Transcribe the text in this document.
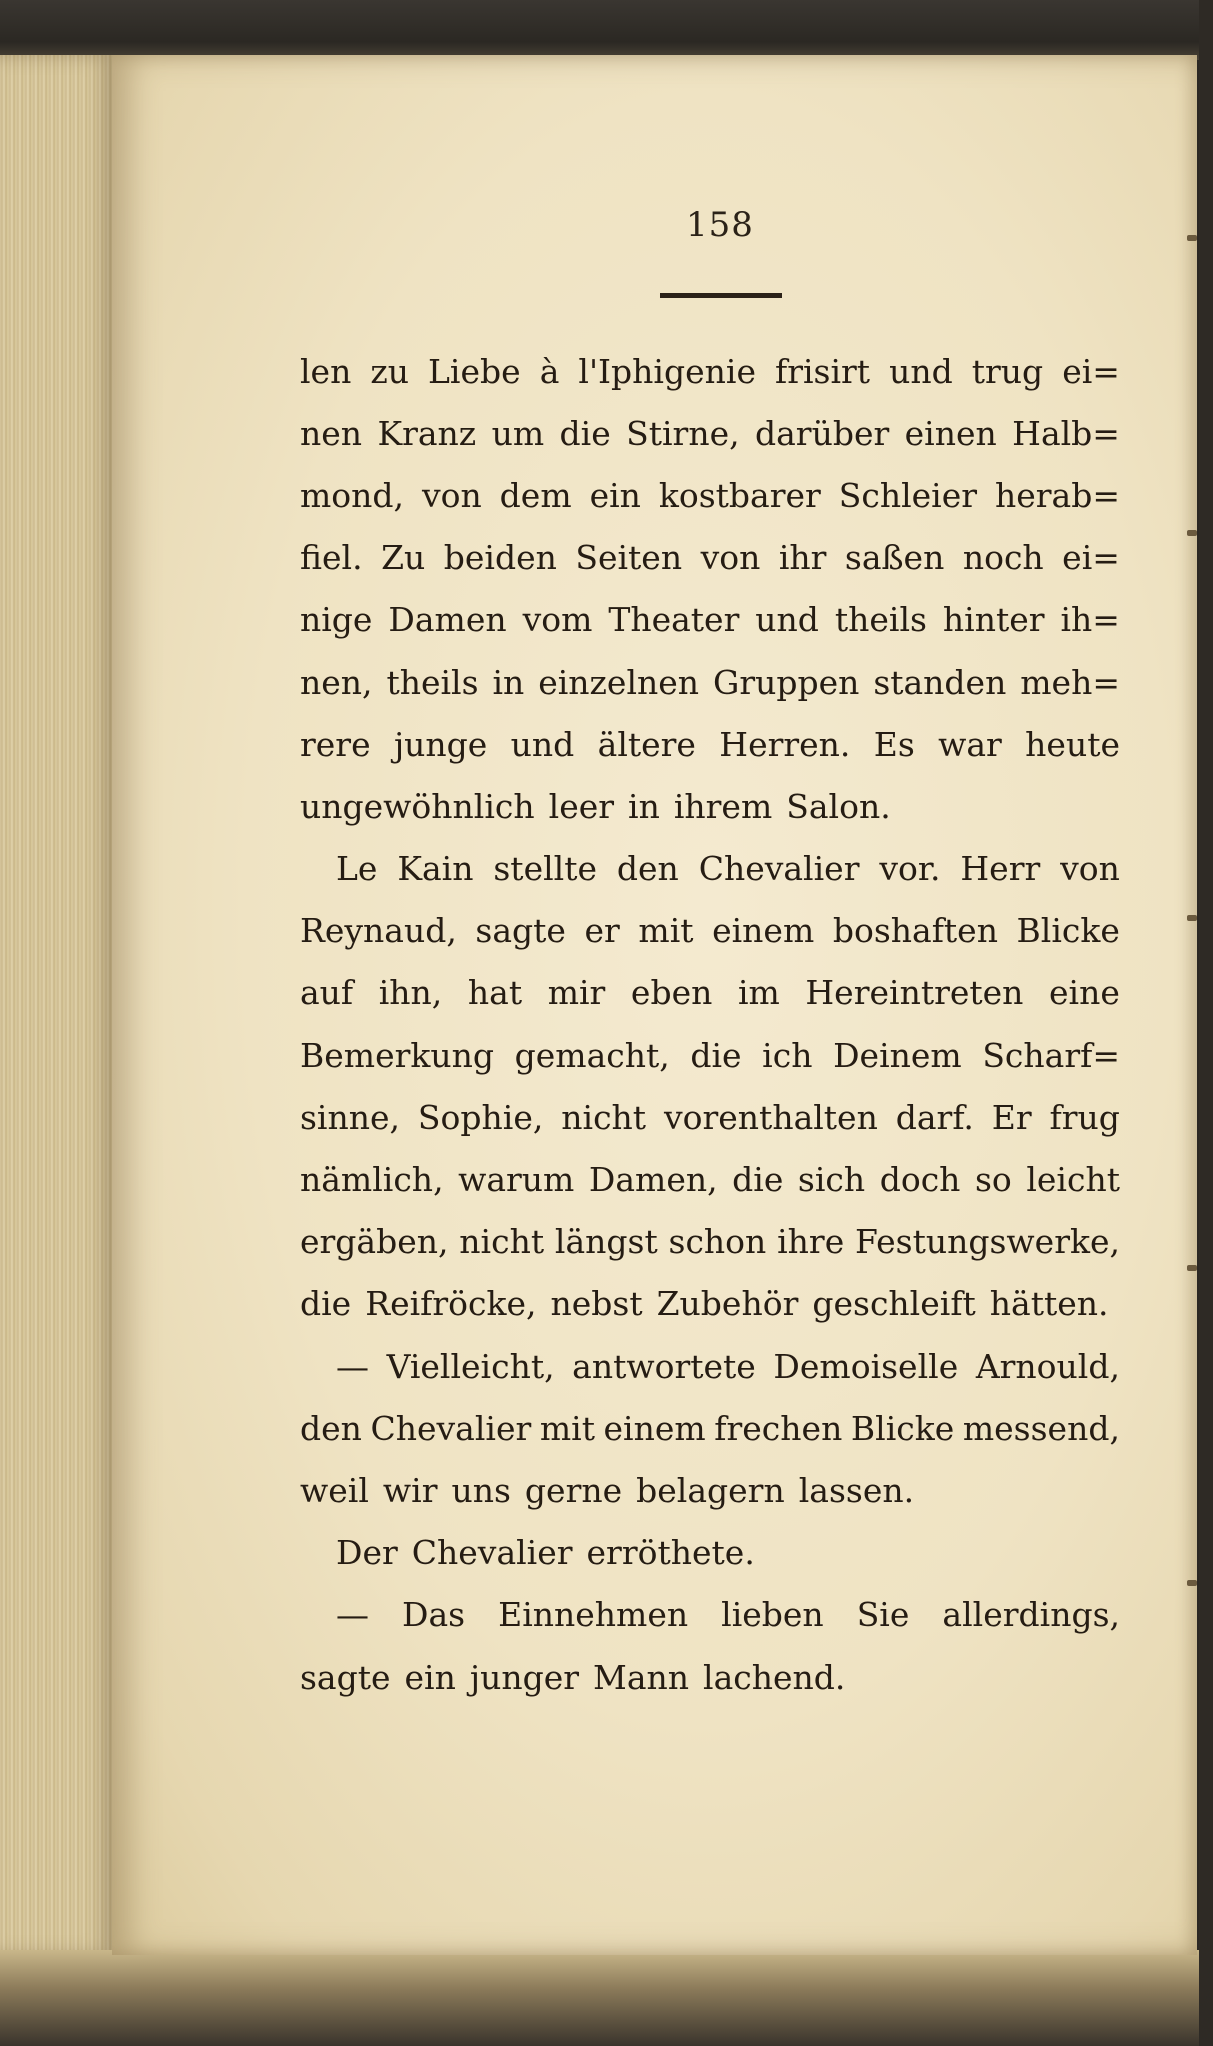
158
len zu Liebe à l'Iphigenie frisirt und trug ei=
nen Kranz um die Stirne, darüber einen Halb=
mond, von dem ein kostbarer Schleier herab=
fiel. Zu beiden Seiten von ihr saßen noch ei=
nige Damen vom Theater und theils hinter ih=
nen, theils in einzelnen Gruppen standen meh=
rere junge und ältere Herren. Es war heute
ungewöhnlich leer in ihrem Salon.
Le Kain stellte den Chevalier vor. Herr von
Reynaud, sagte er mit einem boshaften Blicke
auf ihn, hat mir eben im Hereintreten eine
Bemerkung gemacht, die ich Deinem Scharf=
sinne, Sophie, nicht vorenthalten darf. Er frug
nämlich, warum Damen, die sich doch so leicht
ergäben, nicht längst schon ihre Festungswerke,
die Reifröcke, nebst Zubehör geschleift hätten.
— Vielleicht, antwortete Demoiselle Arnould,
den Chevalier mit einem frechen Blicke messend,
weil wir uns gerne belagern lassen.
Der Chevalier erröthete.
— Das Einnehmen lieben Sie allerdings,
sagte ein junger Mann lachend.
